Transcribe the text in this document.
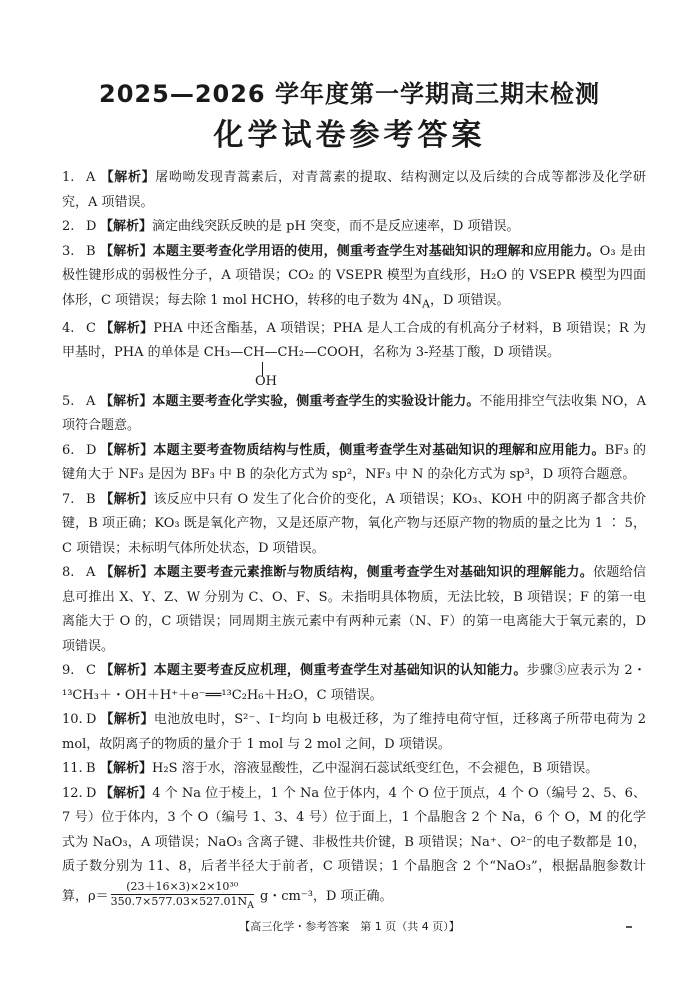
2025—2026 学年度第一学期高三期末检测
化学试卷参考答案
1. A 【解析】屠呦呦发现青蒿素后，对青蒿素的提取、结构测定以及后续的合成等都涉及化学研究，A 项错误。
2. D 【解析】滴定曲线突跃反映的是 pH 突变，而不是反应速率，D 项错误。
3. B 【解析】本题主要考查化学用语的使用，侧重考查学生对基础知识的理解和应用能力。O₃ 是由极性键形成的弱极性分子，A 项错误；CO₂ 的 VSEPR 模型为直线形，H₂O 的 VSEPR 模型为四面体形，C 项错误；每去除 1 mol HCHO，转移的电子数为 $4N_A$，D 项错误。
4. C 【解析】PHA 中还含酯基，A 项错误；PHA 是人工合成的有机高分子材料，B 项错误；R 为甲基时，PHA 的单体是 CH₃—CH—CH₂—COOH，名称为 3-羟基丁酸，D 项错误。
OH
5. A 【解析】本题主要考查化学实验，侧重考查学生的实验设计能力。不能用排空气法收集 NO，A 项符合题意。
6. D 【解析】本题主要考查物质结构与性质，侧重考查学生对基础知识的理解和应用能力。BF₃ 的键角大于 NF₃ 是因为 BF₃ 中 B 的杂化方式为 sp²，NF₃ 中 N 的杂化方式为 sp³，D 项符合题意。
7. B 【解析】该反应中只有 O 发生了化合价的变化，A 项错误；KO₃、KOH 中的阴离子都含共价键，B 项正确；KO₃ 既是氧化产物，又是还原产物，氧化产物与还原产物的物质的量之比为 1 ∶ 5，C 项错误；未标明气体所处状态，D 项错误。
8. A 【解析】本题主要考查元素推断与物质结构，侧重考查学生对基础知识的理解能力。依题给信息可推出 X、Y、Z、W 分别为 C、O、F、S。未指明具体物质，无法比较，B 项错误；F 的第一电离能大于 O 的，C 项错误；同周期主族元素中有两种元素（N、F）的第一电离能大于氧元素的，D 项错误。
9. C 【解析】本题主要考查反应机理，侧重考查学生对基础知识的认知能力。步骤③应表示为 2・¹³CH₃＋・OH＋H⁺＋e⁻══¹³C₂H₆＋H₂O，C 项错误。
10. D 【解析】电池放电时，S²⁻、I⁻均向 b 电极迁移，为了维持电荷守恒，迁移离子所带电荷为 2 mol，故阴离子的物质的量介于 1 mol 与 2 mol 之间，D 项错误。
11. B 【解析】H₂S 溶于水，溶液显酸性，乙中湿润石蕊试纸变红色，不会褪色，B 项错误。
12. D 【解析】4 个 Na 位于棱上，1 个 Na 位于体内，4 个 O 位于顶点，4 个 O（编号 2、5、6、7 号）位于体内，3 个 O（编号 1、3、4 号）位于面上，1 个晶胞含 2 个 Na，6 个 O，M 的化学式为 NaO₃，A 项错误；NaO₃ 含离子键、非极性共价键，B 项错误；Na⁺、O²⁻的电子数都是 10，质子数分别为 11、8，后者半径大于前者，C 项错误；1 个晶胞含 2 个“NaO₃”，根据晶胞参数计算，$\rho= \frac{\text{(23＋16×3)×2×10³⁰}}{350.7\times 577.03\times 527.01N_A}$ g・cm⁻³，D 项正确。
【高三化学・参考答案　第 1 页（共 4 页）】
